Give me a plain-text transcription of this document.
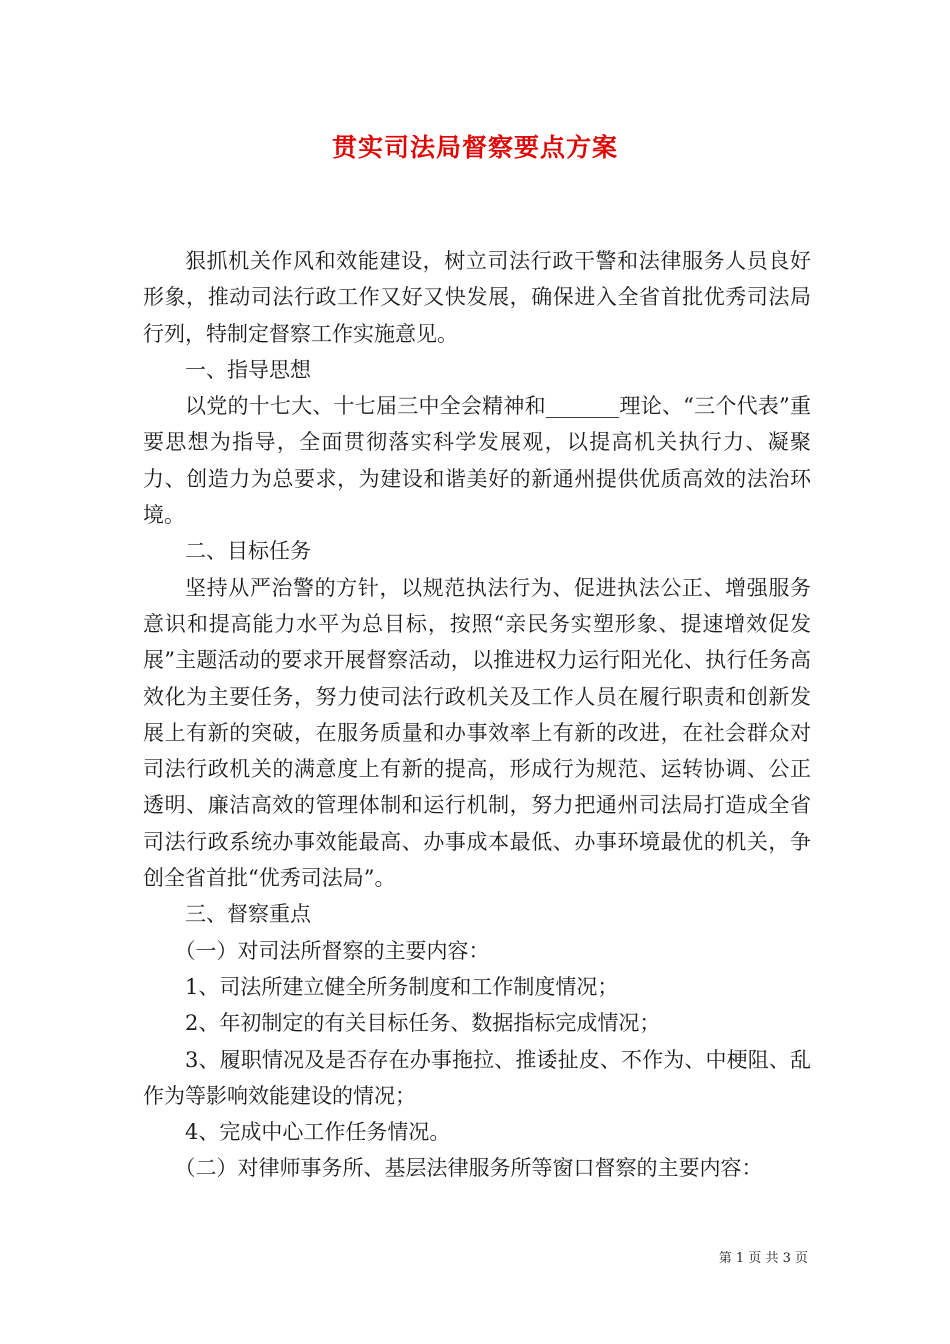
贯实司法局督察要点方案

狠抓机关作风和效能建设，树立司法行政干警和法律服务人员良好形象，推动司法行政工作又好又快发展，确保进入全省首批优秀司法局行列，特制定督察工作实施意见。

一、指导思想

以党的十七大、十七届三中全会精神和_______理论、“三个代表”重要思想为指导，全面贯彻落实科学发展观，以提高机关执行力、凝聚力、创造力为总要求，为建设和谐美好的新通州提供优质高效的法治环境。

二、目标任务

坚持从严治警的方针，以规范执法行为、促进执法公正、增强服务意识和提高能力水平为总目标，按照“亲民务实塑形象、提速增效促发展”主题活动的要求开展督察活动，以推进权力运行阳光化、执行任务高效化为主要任务，努力使司法行政机关及工作人员在履行职责和创新发展上有新的突破，在服务质量和办事效率上有新的改进，在社会群众对司法行政机关的满意度上有新的提高，形成行为规范、运转协调、公正透明、廉洁高效的管理体制和运行机制，努力把通州司法局打造成全省司法行政系统办事效能最高、办事成本最低、办事环境最优的机关，争创全省首批“优秀司法局”。

三、督察重点

（一）对司法所督察的主要内容：

1、司法所建立健全所务制度和工作制度情况；

2、年初制定的有关目标任务、数据指标完成情况；

3、履职情况及是否存在办事拖拉、推诿扯皮、不作为、中梗阻、乱作为等影响效能建设的情况；

4、完成中心工作任务情况。

（二）对律师事务所、基层法律服务所等窗口督察的主要内容：

第 1 页 共 3 页
